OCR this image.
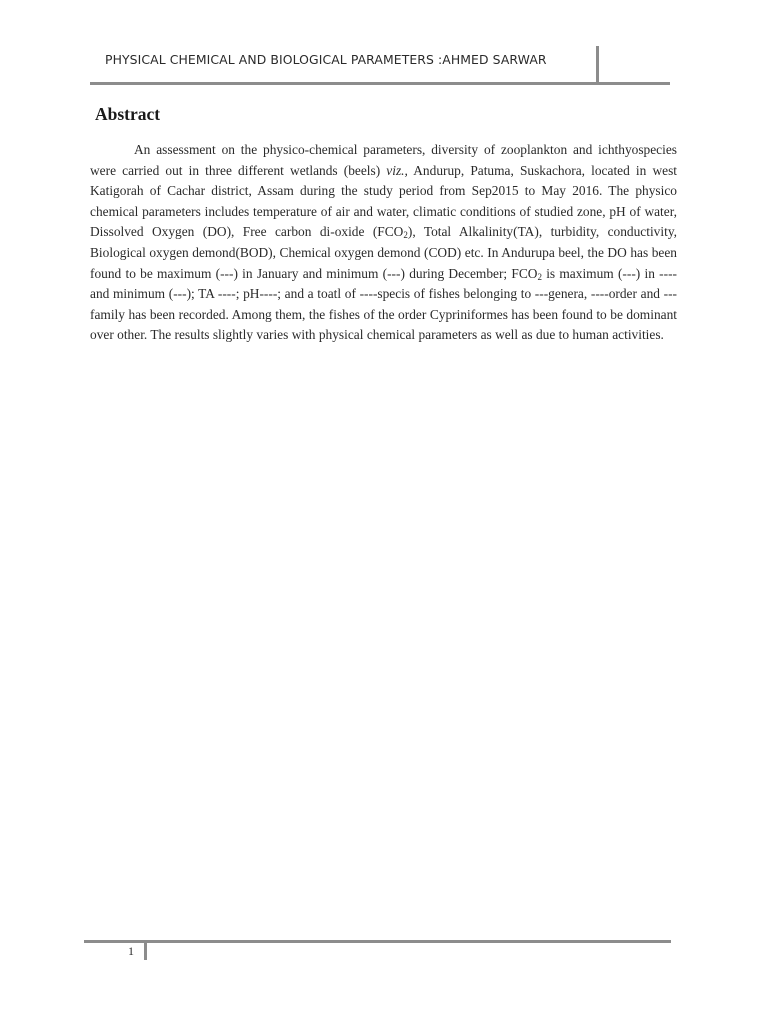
PHYSICAL CHEMICAL AND BIOLOGICAL PARAMETERS :AHMED SARWAR
Abstract

An assessment on the physico-chemical parameters, diversity of zooplankton and ichthyospecies were carried out in three different wetlands (beels) viz., Andurup, Patuma, Suskachora, located in west Katigorah of Cachar district, Assam during the study period from Sep2015 to May 2016. The physico chemical parameters includes temperature of air and water, climatic conditions of studied zone, pH of water, Dissolved Oxygen (DO), Free carbon di-oxide $(FCO_2)$, Total Alkalinity(TA), turbidity, conductivity, Biological oxygen demond(BOD), Chemical oxygen demond (COD) etc. In Andurupa beel, the DO has been found to be maximum (---) in January and minimum (---) during December; $FCO_2$ is maximum (---) in ----and minimum (---); TA ----; pH----; and a toatl of ----specis of fishes belonging to ---genera, ----order and ---family has been recorded. Among them, the fishes of the order Cypriniformes has been found to be dominant over other. The results slightly varies with physical chemical parameters as well as due to human activities.

1
